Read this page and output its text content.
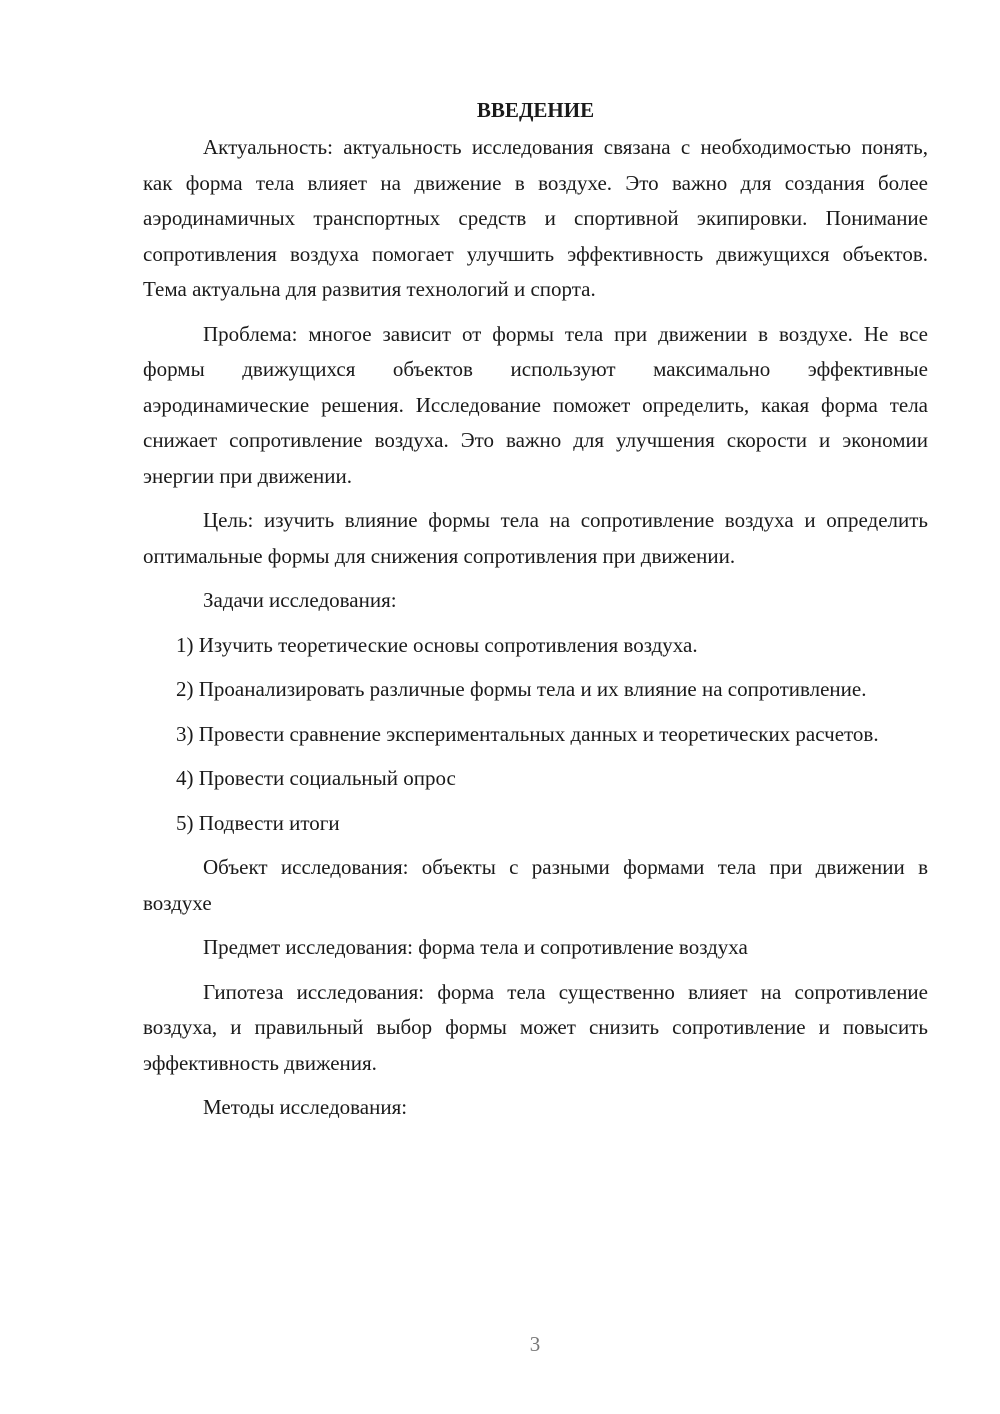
ВВЕДЕНИЕ

Актуальность: актуальность исследования связана с необходимостью понять, как форма тела влияет на движение в воздухе. Это важно для создания более аэродинамичных транспортных средств и спортивной экипировки. Понимание сопротивления воздуха помогает улучшить эффективность движущихся объектов. Тема актуальна для развития технологий и спорта.

Проблема: многое зависит от формы тела при движении в воздухе. Не все формы движущихся объектов используют максимально эффективные аэродинамические решения. Исследование поможет определить, какая форма тела снижает сопротивление воздуха. Это важно для улучшения скорости и экономии энергии при движении.

Цель: изучить влияние формы тела на сопротивление воздуха и определить оптимальные формы для снижения сопротивления при движении.

Задачи исследования:

1) Изучить теоретические основы сопротивления воздуха.

2) Проанализировать различные формы тела и их влияние на сопротивление.

3) Провести сравнение экспериментальных данных и теоретических расчетов.

4) Провести социальный опрос

5) Подвести итоги

Объект исследования: объекты с разными формами тела при движении в воздухе

Предмет исследования: форма тела и сопротивление воздуха

Гипотеза исследования: форма тела существенно влияет на сопротивление воздуха, и правильный выбор формы может снизить сопротивление и повысить эффективность движения.

Методы исследования:

3
